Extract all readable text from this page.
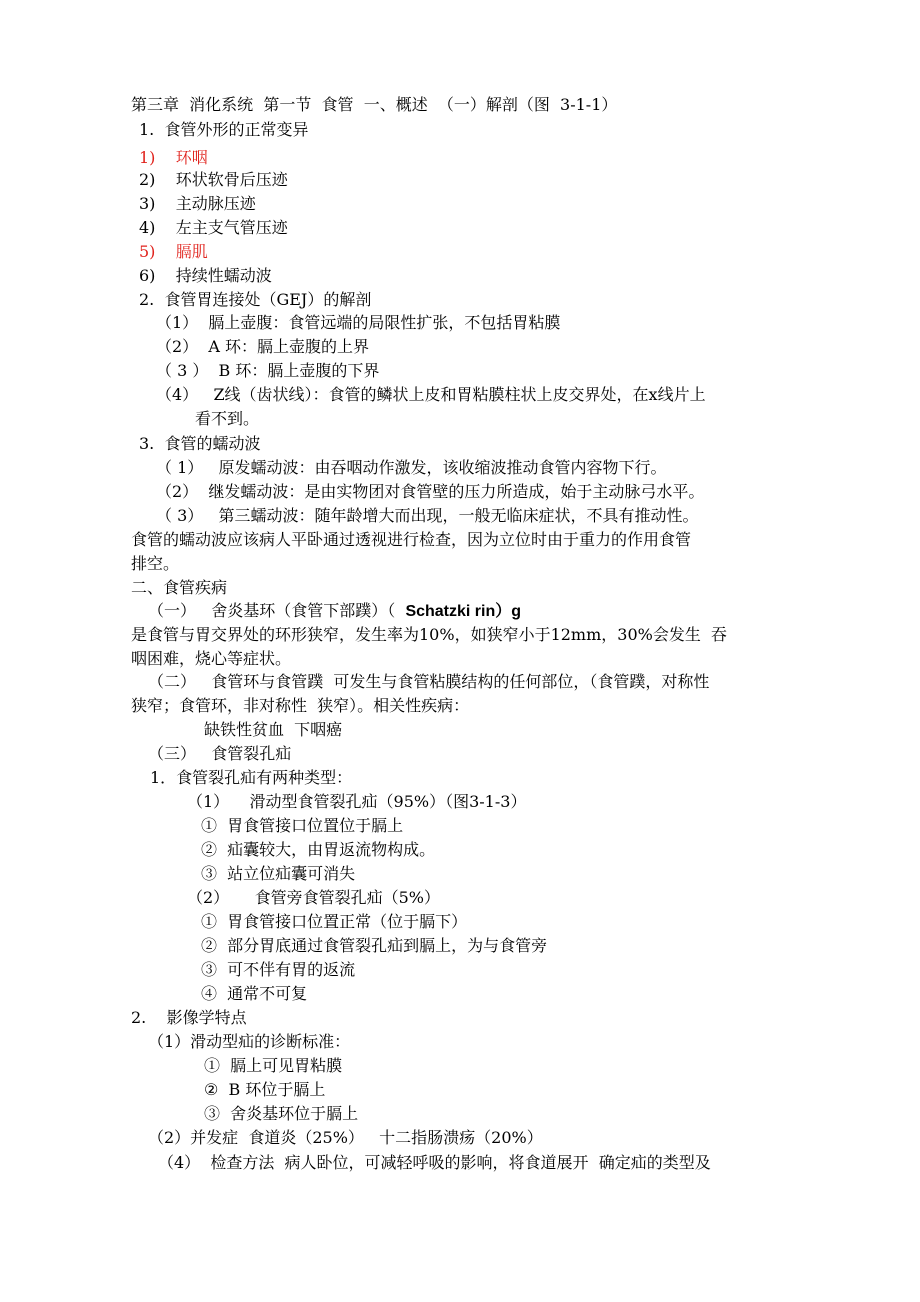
第三章  消化系统  第一节  食管  一、概述  （一）解剖（图  3-1-1）

1.  食管外形的正常变异

1)    环咽

2)    环状软骨后压迹

3)    主动脉压迹

4)    左主支气管压迹

5)    膈肌

6)    持续性蠕动波

2.  食管胃连接处（GEJ）的解剖

（1）  膈上壶腹：食管远端的局限性扩张，不包括胃粘膜

（2）  A 环：膈上壶腹的上界

（ 3 ）  B 环：膈上壶腹的下界

（4）   Z线（齿状线）：食管的鳞状上皮和胃粘膜柱状上皮交界处，在x线片上

看不到。

3.  食管的蠕动波

（ 1）   原发蠕动波：由吞咽动作激发，该收缩波推动食管内容物下行。

（2）  继发蠕动波：是由实物团对食管壁的压力所造成，始于主动脉弓水平。

（ 3）   第三蠕动波：随年龄增大而出现，一般无临床症状，不具有推动性。

食管的蠕动波应该病人平卧通过透视进行检查，因为立位时由于重力的作用食管

排空。

二、食管疾病

（一）   舍炎基环（食管下部蹼）（  Schatzki rin）g

是食管与胃交界处的环形狭窄，发生率为10%，如狭窄小于12mm，30%会发生  吞

咽困难，烧心等症状。

（二）   食管环与食管蹼  可发生与食管粘膜结构的任何部位，（食管蹼，对称性

狭窄；食管环，非对称性  狭窄）。相关性疾病：

缺铁性贫血  下咽癌

（三）   食管裂孔疝

1．食管裂孔疝有两种类型：

（1）    滑动型食管裂孔疝（95%）（图3-1-3）

①  胃食管接口位置位于膈上

②  疝囊较大，由胃返流物构成。

③  站立位疝囊可消失

（2）     食管旁食管裂孔疝（5%）

①  胃食管接口位置正常（位于膈下）

②  部分胃底通过食管裂孔疝到膈上，为与食管旁

③  可不伴有胃的返流

④  通常不可复

2.    影像学特点

（1）滑动型疝的诊断标准：

①  膈上可见胃粘膜

②  B 环位于膈上

③  舍炎基环位于膈上

（2）并发症  食道炎（25%）   十二指肠溃疡（20%）

（4）  检查方法  病人卧位，可减轻呼吸的影响，将食道展开  确定疝的类型及
